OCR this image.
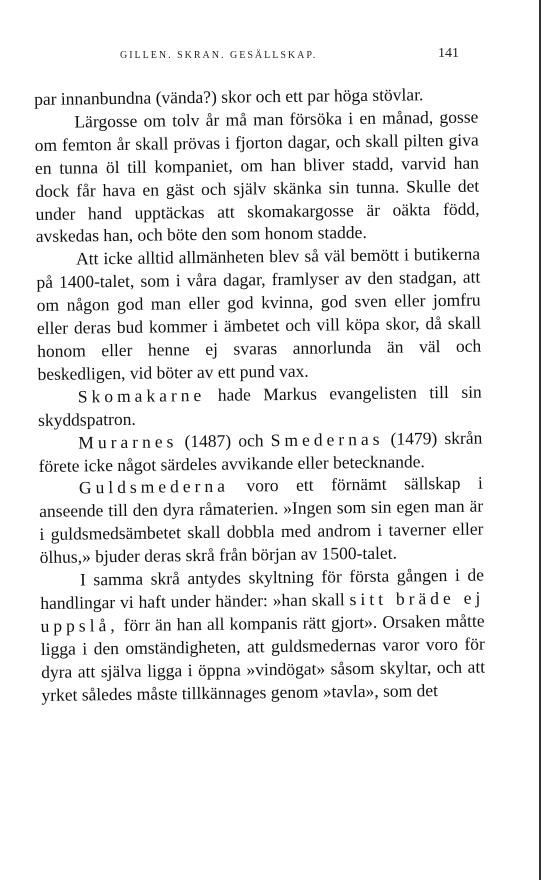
GILLEN. SKRAN. GESÄLLSKAP.	141

par innanbundna (vända?) skor och ett par höga stövlar.

Lärgosse om tolv år må man försöka i en månad, gosse om femton år skall prövas i fjorton dagar, och skall pilten giva en tunna öl till kompaniet, om han bliver stadd, varvid han dock får hava en gäst och själv skänka sin tunna. Skulle det under hand upptäckas att skomakargosse är oäkta född, avskedas han, och böte den som honom stadde.

Att icke alltid allmänheten blev så väl bemött i butikerna på 1400-talet, som i våra dagar, framlyser av den stadgan, att om någon god man eller god kvinna, god sven eller jomfru eller deras bud kommer i ämbetet och vill köpa skor, då skall honom eller henne ej svaras annorlunda än väl och beskedligen, vid böter av ett pund vax.

Skomakarne hade Markus evangelisten till sin skyddspatron.

Murarnes (1487) och Smedernas (1479) skrån förete icke något särdeles avvikande eller betecknande.

Guldsmederna voro ett förnämt sällskap i anseende till den dyra råmaterien. »Ingen som sin egen man är i guldsmedsämbetet skall dobbla med androm i taverner eller ölhus,» bjuder deras skrå från början av 1500-talet.

I samma skrå antydes skyltning för första gången i de handlingar vi haft under händer: »han skall sitt bräde ej uppslå, förr än han all kompanis rätt gjort». Orsaken måtte ligga i den omständigheten, att guldsmedernas varor voro för dyra att själva ligga i öppna »vindögat» såsom skyltar, och att yrket således måste tillkännages genom »tavla», som det
